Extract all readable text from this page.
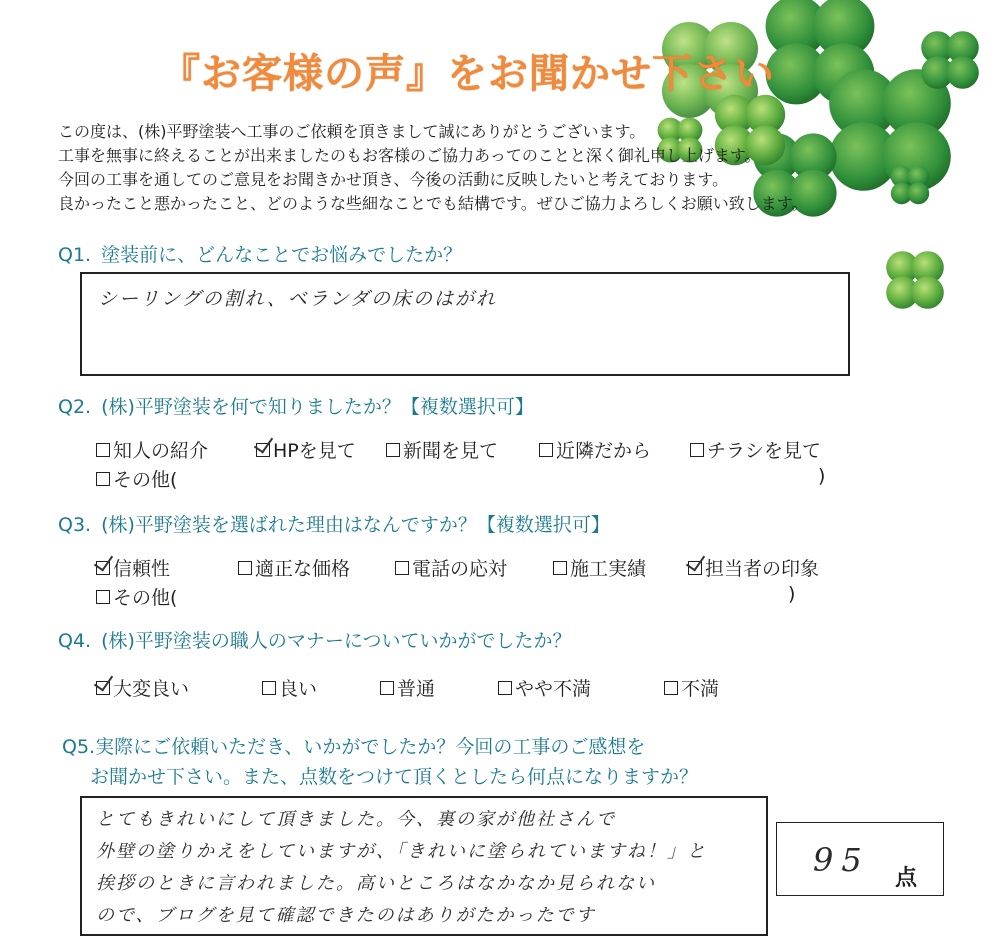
『お客様の声』をお聞かせ下さい
この度は、(株)平野塗装へ工事のご依頼を頂きまして誠にありがとうございます。
工事を無事に終えることが出来ましたのもお客様のご協力あってのことと深く御礼申し上げます。
今回の工事を通してのご意見をお聞きかせ頂き、今後の活動に反映したいと考えております。
良かったこと悪かったこと、どのような些細なことでも結構です。ぜひご協力よろしくお願い致します。
Q1. 塗装前に、どんなことでお悩みでしたか？
シーリングの割れ、ベランダの床のはがれ
Q2. (株)平野塗装を何で知りましたか？【複数選択可】
知人の紹介	HPを見て 新聞を見て	近隣だから	チラシを見て
その他(	)
Q3. (株)平野塗装を選ばれた理由はなんですか？【複数選択可】
信頼性	適正な価格	電話の応対	施工実績	担当者の印象
その他(	)
Q4. (株)平野塗装の職人のマナーについていかがでしたか？
大変良い	良い	普通	やや不満	不満
Q5.実際にご依頼いただき、いかがでしたか？今回の工事のご感想を
お聞かせ下さい。また、点数をつけて頂くとしたら何点になりますか？
とてもきれいにして頂きました。今、裏の家が他社さんで
外壁の塗りかえをしていますが、「きれいに塗られていますね！」と
挨拶のときに言われました。高いところはなかなか見られない
ので、ブログを見て確認できたのはありがたかったです
95 点
